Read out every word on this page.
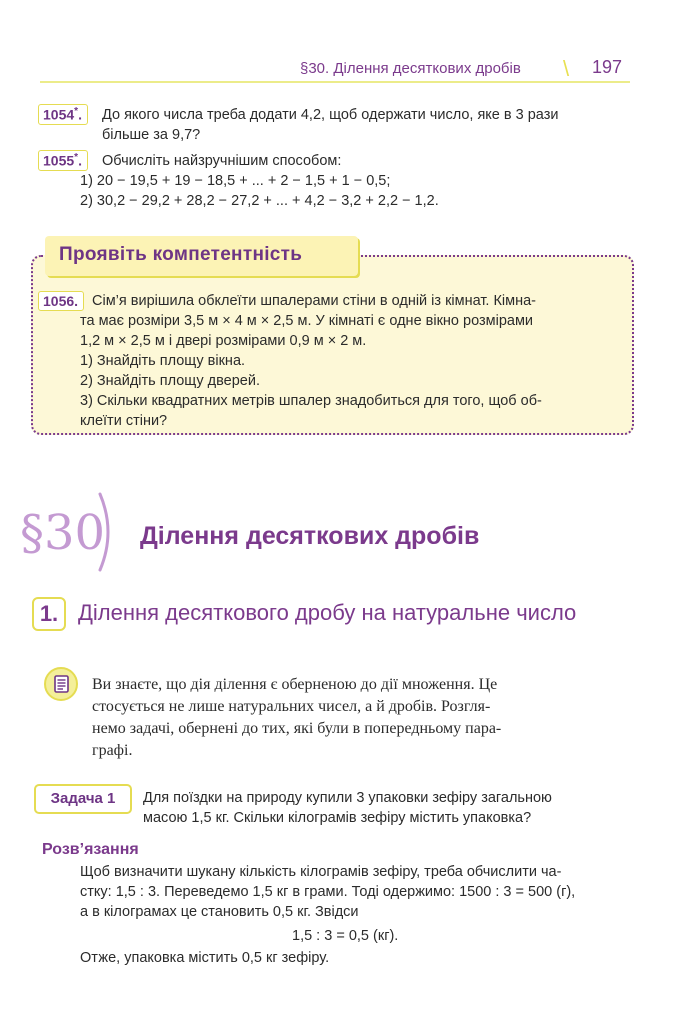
§30. Ділення десяткових дробів \ 197
1054*.	До якого числа треба додати 4,2, щоб одержати число, яке в 3 рази
більше за 9,7?
1055*.	Обчисліть найзручнішим способом:
1) 20 − 19,5 + 19 − 18,5 + ... + 2 − 1,5 + 1 − 0,5;
2) 30,2 − 29,2 + 28,2 − 27,2 + ... + 4,2 − 3,2 + 2,2 − 1,2.
Проявіть компетентність
1056. Сім’я вирішила обклеїти шпалерами стіни в одній із кімнат. Кімна-
та має розміри 3,5 м × 4 м × 2,5 м. У кімнаті є одне вікно розмірами
1,2 м × 2,5 м і двері розмірами 0,9 м × 2 м.
1) Знайдіть площу вікна.
2) Знайдіть площу дверей.
3) Скільки квадратних метрів шпалер знадобиться для того, щоб об-
клеїти стіни?
§30 Ділення десяткових дробів
1. Ділення десяткового дробу на натуральне число
Ви знаєте, що дія ділення є оберненою до дії множення. Це
стосується не лише натуральних чисел, а й дробів. Розгля-
немо задачі, обернені до тих, які були в попередньому пара-
графі.
Задача 1	Для поїздки на природу купили 3 упаковки зефіру загальною
масою 1,5 кг. Скільки кілограмів зефіру містить упаковка?
Розв’язання
Щоб визначити шукану кількість кілограмів зефіру, треба обчислити ча-
стку: 1,5 : 3. Переведемо 1,5 кг в грами. Тоді одержимо: 1500 : 3 = 500 (г),
а в кілограмах це становить 0,5 кг. Звідси
1,5 : 3 = 0,5 (кг).
Отже, упаковка містить 0,5 кг зефіру.
